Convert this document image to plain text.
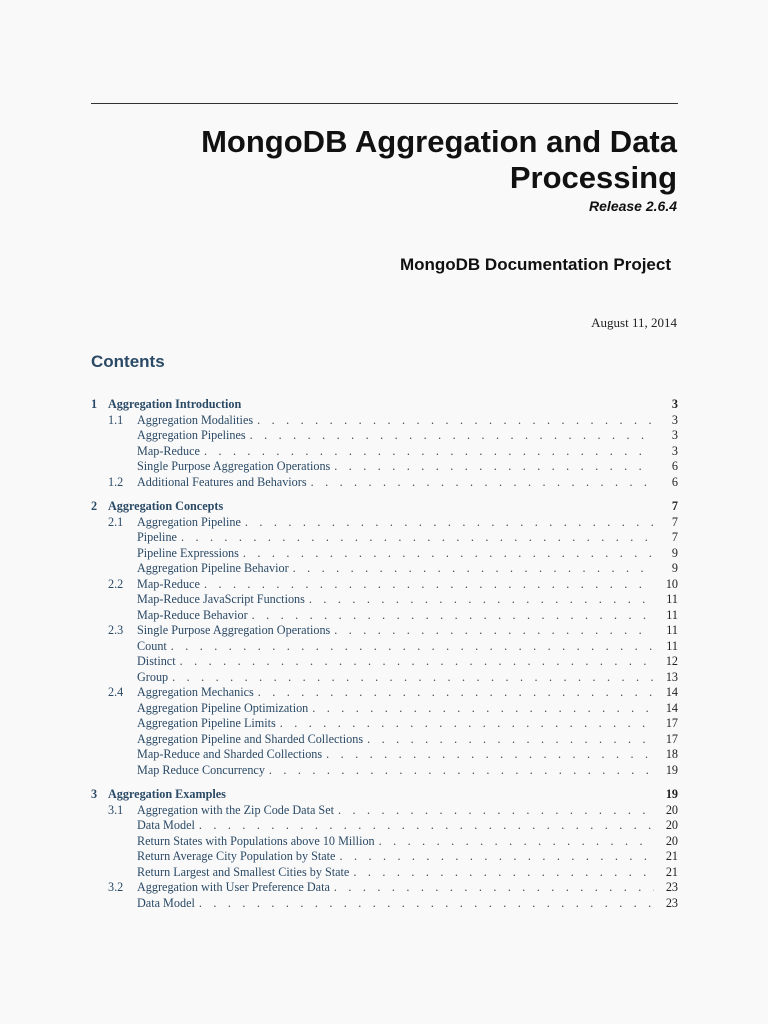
MongoDB Aggregation and Data Processing
Release 2.6.4
MongoDB Documentation Project
August 11, 2014
Contents
1 Aggregation Introduction	3
1.1	Aggregation Modalities . . .	3
Aggregation Pipelines . . .	3
Map-Reduce . . .	3
Single Purpose Aggregation Operations . . .	6
1.2	Additional Features and Behaviors . . .	6
2 Aggregation Concepts	7
2.1	Aggregation Pipeline . . .	7
Pipeline . . .	7
Pipeline Expressions . . .	9
Aggregation Pipeline Behavior . . .	9
2.2	Map-Reduce . . .	10
Map-Reduce JavaScript Functions . . .	11
Map-Reduce Behavior . . .	11
2.3	Single Purpose Aggregation Operations . . .	11
Count . . .	11
Distinct . . .	12
Group . . .	13
2.4	Aggregation Mechanics . . .	14
Aggregation Pipeline Optimization . . .	14
Aggregation Pipeline Limits . . .	17
Aggregation Pipeline and Sharded Collections . . .	17
Map-Reduce and Sharded Collections . . .	18
Map Reduce Concurrency . . .	19
3 Aggregation Examples	19
3.1	Aggregation with the Zip Code Data Set . . .	20
Data Model . . .	20
Return States with Populations above 10 Million . . .	20
Return Average City Population by State . . .	21
Return Largest and Smallest Cities by State . . .	21
3.2	Aggregation with User Preference Data . . .	23
Data Model . . .	23
